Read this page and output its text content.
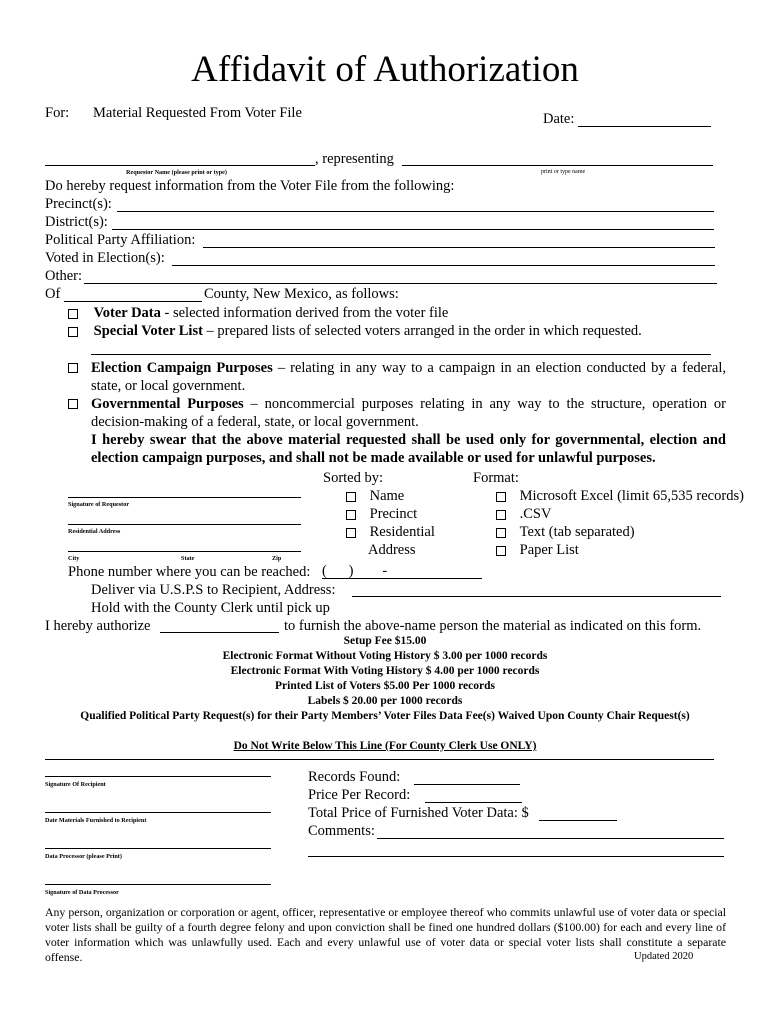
Affidavit of Authorization
For: Material Requested From Voter File	Date:
, representing
Requestor Name (please print or type)	print or type name
Do hereby request information from the Voter File from the following:
Precinct(s):
District(s):
Political Party Affiliation:
Voted in Election(s):
Other:
Of	County, New Mexico, as follows:
Voter Data - selected information derived from the voter file
Special Voter List – prepared lists of selected voters arranged in the order in which requested.
Election Campaign Purposes – relating in any way to a campaign in an election conducted by a federal, state, or local government.
Governmental Purposes – noncommercial purposes relating in any way to the structure, operation or decision-making of a federal, state, or local government.
I hereby swear that the above material requested shall be used only for governmental, election and election campaign purposes, and shall not be made available or used for unlawful purposes.
Signature of Requestor
Residential Address
City	State	Zip
Sorted by:
Name
Precinct
Residential
Address
Format:
Microsoft Excel (limit 65,535 records)
.CSV
Text (tab separated)
Paper List
Phone number where you can be reached: (      )        -
Deliver via U.S.P.S to Recipient, Address:
Hold with the County Clerk until pick up
I hereby authorize	to furnish the above-name person the material as indicated on this form.
Setup Fee $15.00
Electronic Format Without Voting History $ 3.00 per 1000 records
Electronic Format With Voting History $ 4.00 per 1000 records
Printed List of Voters $5.00 Per 1000 records
Labels $ 20.00 per 1000 records
Qualified Political Party Request(s) for their Party Members’ Voter Files Data Fee(s) Waived Upon County Chair Request(s)
Do Not Write Below This Line (For County Clerk Use ONLY)
Signature Of Recipient
Date Materials Furnished to Recipient
Data Processor (please Print)
Signature of Data Processor
Records Found:
Price Per Record:
Total Price of Furnished Voter Data: $
Comments:
Any person, organization or corporation or agent, officer, representative or employee thereof who commits unlawful use of voter data or special voter lists shall be guilty of a fourth degree felony and upon conviction shall be fined one hundred dollars ($100.00) for each and every line of voter information which was unlawfully used. Each and every unlawful use of voter data or special voter lists shall constitute a separate offense.	Updated 2020
